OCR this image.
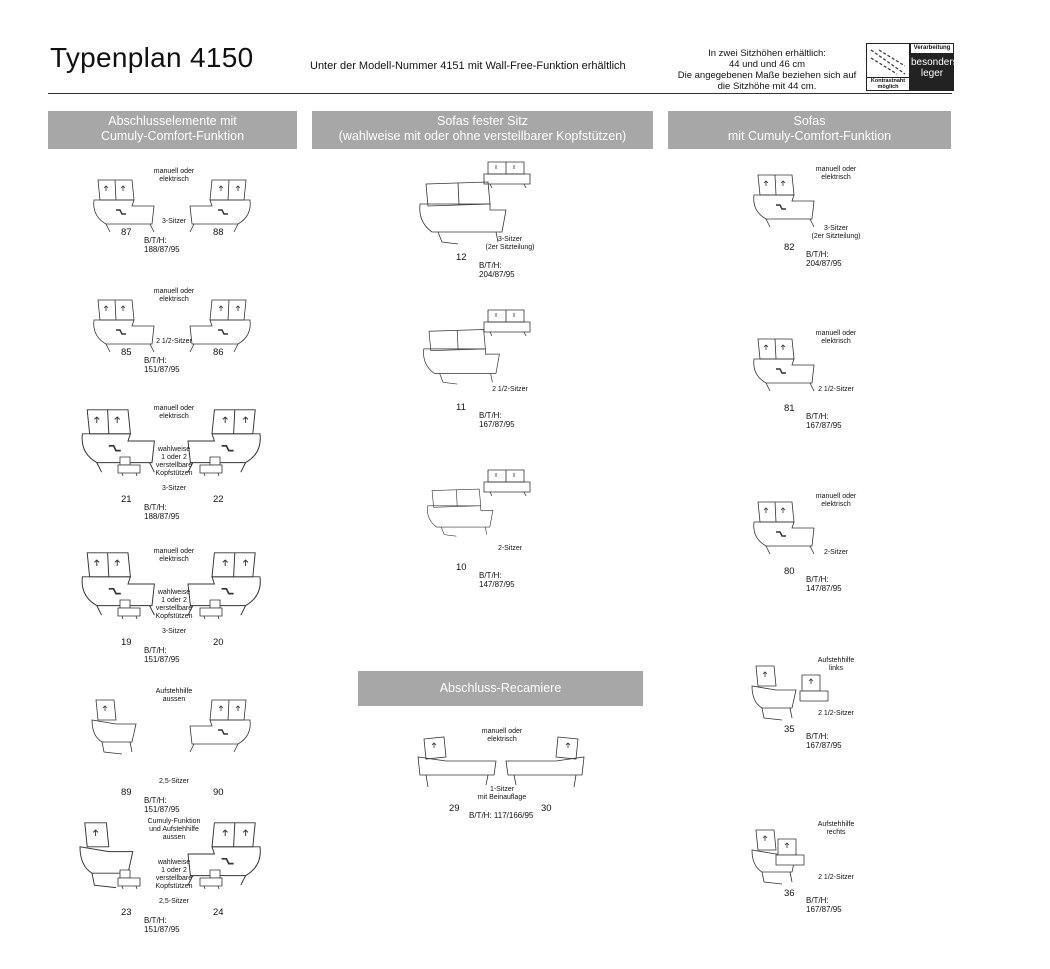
Typenplan 4150	Unter der Modell-Nummer 4151 mit Wall-Free-Funktion erhältlich
In zwei Sitzhöhen erhältlich:
44 und und 46 cm
Die angegebenen Maße beziehen sich auf
die Sitzhöhe mit 44 cm.	Kontrastnaht möglich
Verarbeitung
besonders
leger
Abschlusselemente mit
Cumuly-Comfort-Funktion
Sofas fester Sitz
(wahlweise mit oder ohne verstellbarer Kopfstützen)
Sofas
mit Cumuly-Comfort-Funktion
Abschluss-Recamiere
manuell oder
elektrisch
3-Sitzer
87	88
B/T/H: 188/87/95
manuell oder
elektrisch
2 1/2-Sitzer
85	86
B/T/H: 151/87/95
manuell oder
elektrisch
wahlweise
1 oder 2
verstellbare
Kopfstützen
3-Sitzer
21	22
B/T/H: 188/87/95
manuell oder
elektrisch
wahlweise
1 oder 2
verstellbare
Kopfstützen
3-Sitzer
19	20
B/T/H: 151/87/95
Aufstehhilfe
aussen
2,5-Sitzer
89	90
B/T/H: 151/87/95
Cumuly-Funktion
und Aufstehhilfe
aussen
wahlweise
1 oder 2
verstellbare
Kopfstützen
2,5-Sitzer
23	24
B/T/H: 151/87/95
3-Sitzer
(2er Sitzteilung)
12
B/T/H: 204/87/95
2 1/2-Sitzer
11
B/T/H: 167/87/95
2-Sitzer
10
B/T/H: 147/87/95
manuell oder
elektrisch
1-Sitzer
mit Beinauflage
29	30
B/T/H: 117/166/95
manuell oder
elektrisch
3-Sitzer
(2er Sitzteilung)
82
B/T/H: 204/87/95
manuell oder
elektrisch
2 1/2-Sitzer
81
B/T/H: 167/87/95
manuell oder
elektrisch
2-Sitzer
80
B/T/H: 147/87/95
Aufstehhilfe
links
2 1/2-Sitzer
35
B/T/H: 167/87/95
Aufstehhilfe
rechts
2 1/2-Sitzer
36
B/T/H: 167/87/95
